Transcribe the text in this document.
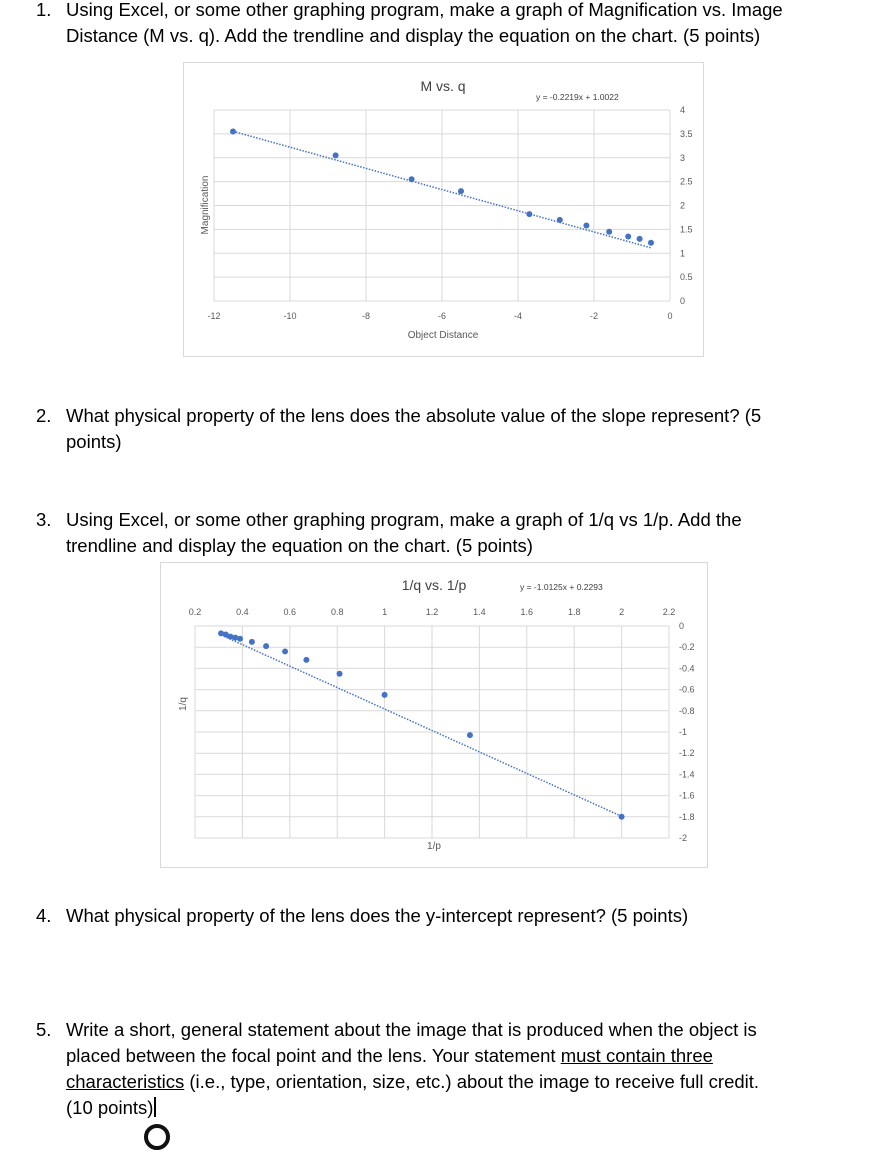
1. Using Excel, or some other graphing program, make a graph of Magnification vs. Image
Distance (M vs. q). Add the trendline and display the equation on the chart. (5 points)
-12	-10	-8	-6	-4	-2	0
4
3.5
3
2.5
2
1.5
1
0.5
0
M vs. q
y = -0.2219x + 1.0022
Object Distance
Magnification
2. What physical property of the lens does the absolute value of the slope represent? (5
points)
3. Using Excel, or some other graphing program, make a graph of 1/q vs 1/p. Add the
trendline and display the equation on the chart. (5 points)
0.2	0.4	0.6	0.8	1	1.2	1.4	1.6	1.8	2	2.2
0
-0.2
-0.4
-0.6
-0.8
-1
-1.2
-1.4
-1.6
-1.8
-2
1/q vs. 1/p	y = -1.0125x + 0.2293
1/p
1/q
4. What physical property of the lens does the y-intercept represent? (5 points)
5. Write a short, general statement about the image that is produced when the object is
placed between the focal point and the lens. Your statement must contain three
characteristics (i.e., type, orientation, size, etc.) about the image to receive full credit.
(10 points)
